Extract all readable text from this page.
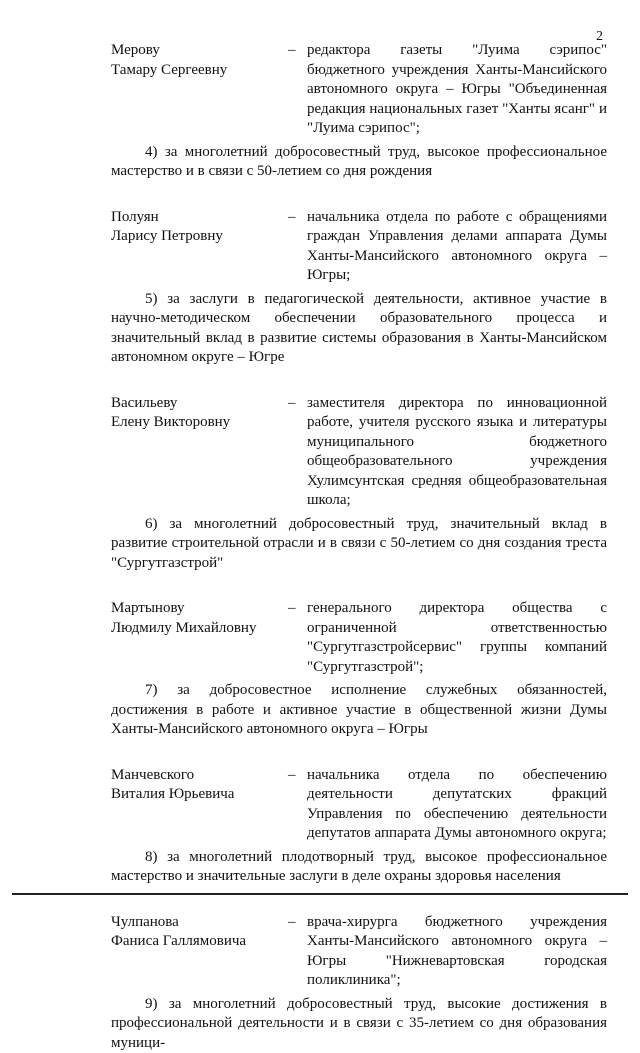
2
Мерову
Тамару Сергеевну
– редактора газеты "Луима сэрипос" бюджетного учреждения Ханты-Мансийского автономного округа – Югры "Объединенная редакция национальных газет "Ханты ясанг" и "Луима сэрипос";
4) за многолетний добросовестный труд, высокое профессиональное мастерство и в связи с 50-летием со дня рождения
Полуян
Ларису Петровну
– начальника отдела по работе с обращениями граждан Управления делами аппарата Думы Ханты-Мансийского автономного округа – Югры;
5) за заслуги в педагогической деятельности, активное участие в научно-методическом обеспечении образовательного процесса и значительный вклад в развитие системы образования в Ханты-Мансийском автономном округе – Югре
Васильеву
Елену Викторовну
– заместителя директора по инновационной работе, учителя русского языка и литературы муниципального бюджетного общеобразовательного учреждения Хулимсунтская средняя общеобразовательная школа;
6) за многолетний добросовестный труд, значительный вклад в развитие строительной отрасли и в связи с 50-летием со дня создания треста "Сургутгазстрой"
Мартынову
Людмилу Михайловну
– генерального директора общества с ограниченной ответственностью "Сургутгазстройсервис" группы компаний "Сургутгазстрой";
7) за добросовестное исполнение служебных обязанностей, достижения в работе и активное участие в общественной жизни Думы Ханты-Мансийского автономного округа – Югры
Манчевского
Виталия Юрьевича
– начальника отдела по обеспечению деятельности депутатских фракций Управления по обеспечению деятельности депутатов аппарата Думы автономного округа;
8) за многолетний плодотворный труд, высокое профессиональное мастерство и значительные заслуги в деле охраны здоровья населения
Чулпанова
Фаниса Галлямовича
– врача-хирурга бюджетного учреждения Ханты-Мансийского автономного округа – Югры "Нижневартовская городская поликлиника";
9) за многолетний добросовестный труд, высокие достижения в профессиональной деятельности и в связи с 35-летием со дня образования муници-
